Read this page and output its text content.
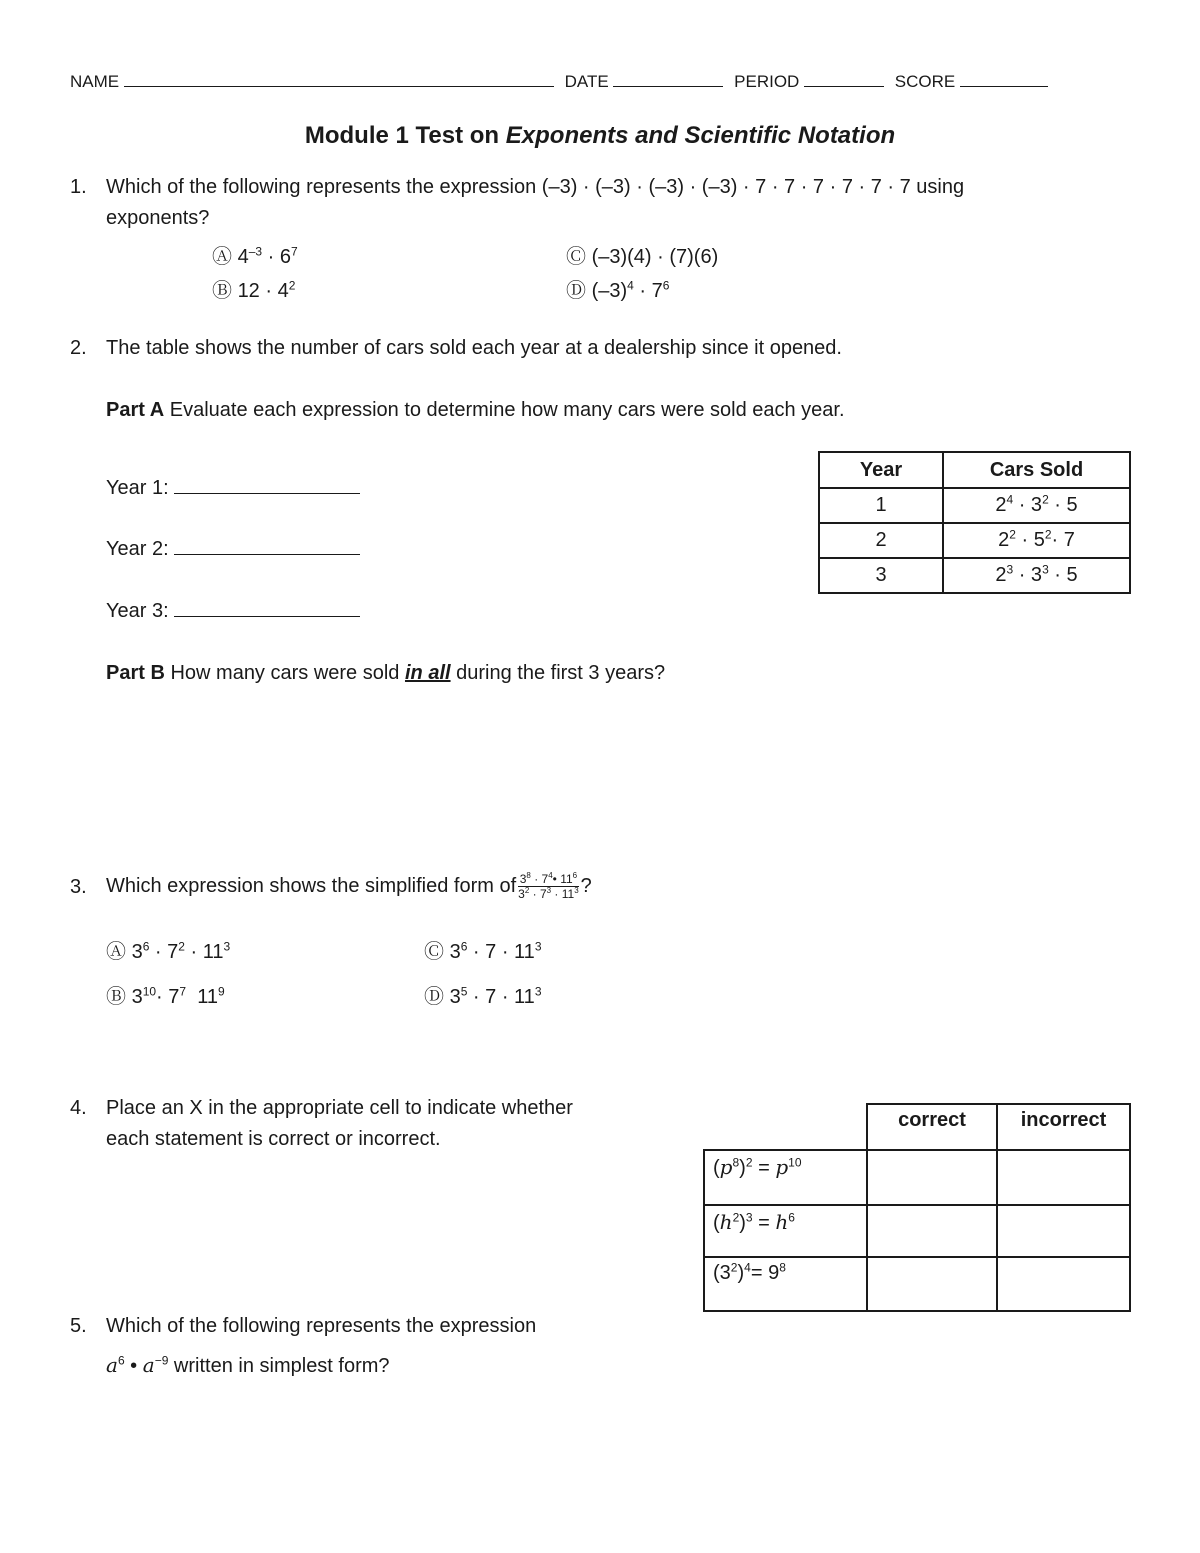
NAME	DATE	PERIOD	SCORE
Module 1 Test on Exponents and Scientific Notation
1. Which of the following represents the expression (–3) · (–3) · (–3) · (–3) · 7 · 7 · 7 · 7 · 7 · 7 using
exponents?
Ⓐ $4^{-3} \cdot 6^7$
Ⓑ $12 \cdot 4^2$
Ⓒ (–3)(4) · (7)(6)
Ⓓ $(-3)^4 \cdot 7^6$
2. The table shows the number of cars sold each year at a dealership since it opened.
Part A Evaluate each expression to determine how many cars were sold each year.
Year 1:
Year 2:
Year 3:
Year	Cars Sold
1	$2^4 \cdot 3^2 \cdot 5$
2	$2^2 \cdot 5^2\cdot 7$
3	$2^3 \cdot 3^3 \cdot 5$
Part B How many cars were sold in all during the first 3 years?
3. Which expression shows the simplified form of $\frac{3^8 \cdot 7^4• 11^6}{3^2 \cdot 7^3 \cdot 11^3}$ ?
Ⓐ $3^6 \cdot 7^2 \cdot 11^3$
Ⓑ $3^{10}\cdot 7^7$  $11^9$
Ⓒ $3^6 \cdot 7 \cdot 11^3$
Ⓓ $3^5 \cdot 7 \cdot 11^3$
4. Place an X in the appropriate cell to indicate whether
each statement is correct or incorrect.
	correct	incorrect
$(p^8)^2 = p^{10}$		
$(h^2)^3 = h^6$		
$(3^2)^4= 9^8$		
5. Which of the following represents the expression
$a^6$ • $a^{-9}$ written in simplest form?
